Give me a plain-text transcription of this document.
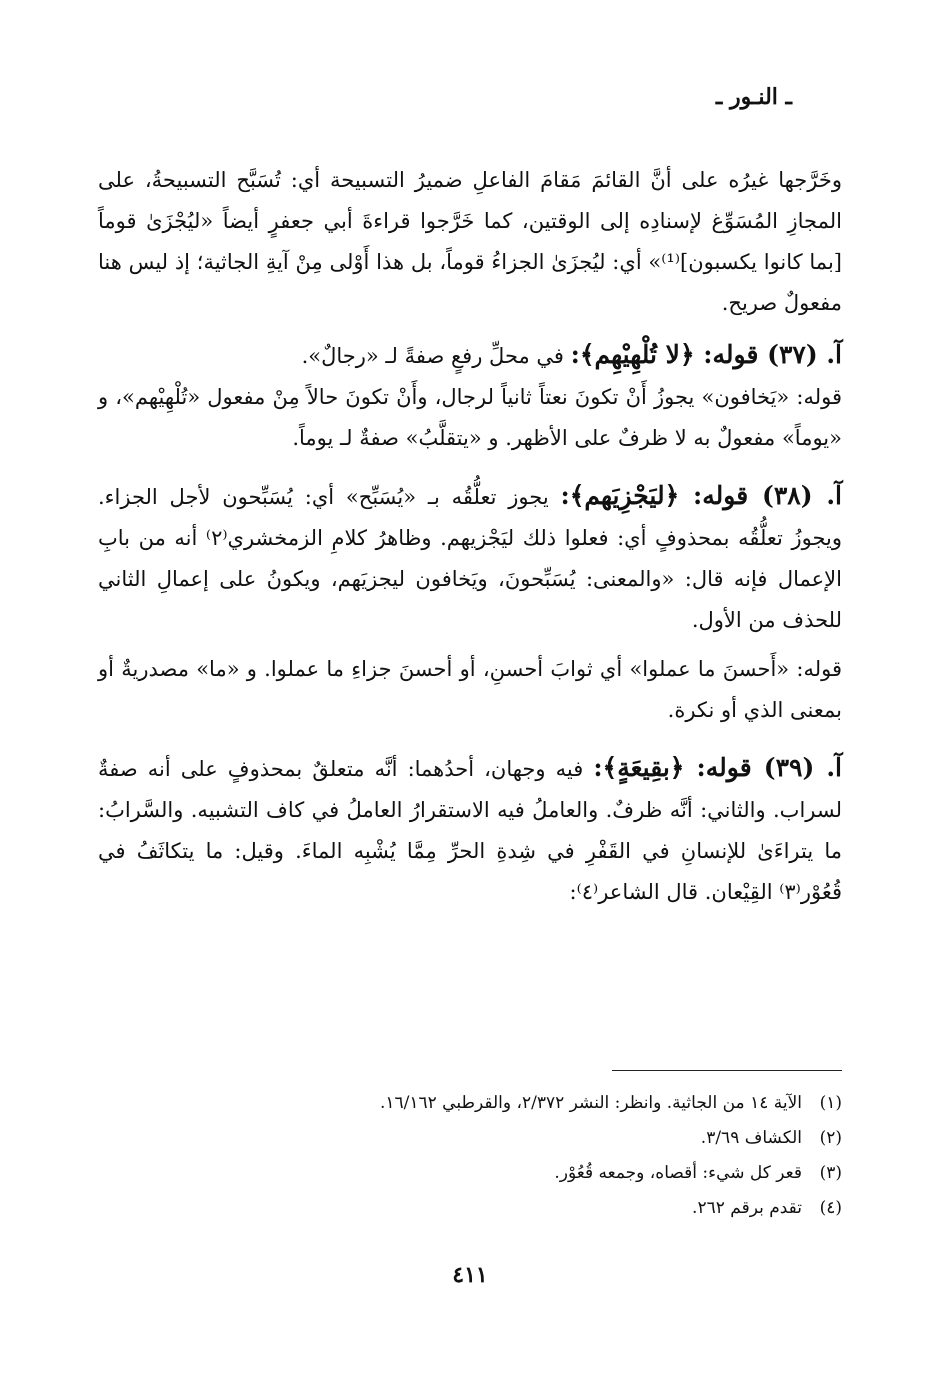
ـ النـور ـ

وخَرَّجها غيرُه على أنَّ القائمَ مَقامَ الفاعلِ ضميرُ التسبيحة أي: تُسَبَّح التسبيحةُ، على المجازِ المُسَوِّغ لإسنادِه إلى الوقتين، كما خَرَّجوا قراءةَ أبي جعفرٍ أيضاً «ليُجْزَىٰ قوماً [بما كانوا يكسبون]⁽¹⁾» أي: ليُجزَىٰ الجزاءُ قوماً، بل هذا أَوْلى مِنْ آيةِ الجاثية؛ إذ ليس هنا مفعولٌ صريح.

آ. (٣٧) قوله: ﴿لا تُلْهِيْهِم﴾: في محلِّ رفعٍ صفةً لـ «رجالٌ».

قوله: «يَخافون» يجوزُ أَنْ تكونَ نعتاً ثانياً لرجال، وأَنْ تكونَ حالاً مِنْ مفعول «تُلْهِيْهم»، و «يوماً» مفعولٌ به لا ظرفٌ على الأظهر. و «يتقلَّبُ» صفةٌ لـ يوماً.

آ. (٣٨) قوله: ﴿ليَجْزِيَهم﴾: يجوز تعلُّقُه بـ «يُسَبِّح» أي: يُسَبِّحون لأجل الجزاء. ويجوزُ تعلُّقُه بمحذوفٍ أي: فعلوا ذلك ليَجْزيهم. وظاهرُ كلامِ الزمخشري⁽٢⁾ أنه من بابِ الإعمال فإنه قال: «والمعنى: يُسَبِّحونَ، ويَخافون ليجزيَهم، ويكونُ على إعمالِ الثاني للحذف من الأول.

قوله: «أَحسنَ ما عملوا» أي ثوابَ أحسنِ، أو أحسنَ جزاءِ ما عملوا. و «ما» مصدريةٌ أو بمعنى الذي أو نكرة.

آ. (٣٩) قوله: ﴿بقِيعَةٍ﴾: فيه وجهان، أحدُهما: أنَّه متعلقٌ بمحذوفٍ على أنه صفةٌ لسراب. والثاني: أنَّه ظرفٌ. والعاملُ فيه الاستقرارُ العاملُ في كاف التشبيه. والسَّرابُ: ما يتراءَىٰ للإنسانِ في القَفْرِ في شِدةِ الحرِّ مِمَّا يُشْبِه الماءَ. وقيل: ما يتكاثَفُ في قُعُوْر⁽٣⁾ القِيْعان. قال الشاعر⁽٤⁾:

(١)الآية ١٤ من الجاثية. وانظر: النشر ٢/٣٧٢، والقرطبي ١٦/١٦٢.

(٢)الكشاف ٣/٦٩.

(٣)قعر كل شيء: أقصاه، وجمعه قُعُوْر.

(٤)تقدم برقم ٢٦٢.

٤١١
